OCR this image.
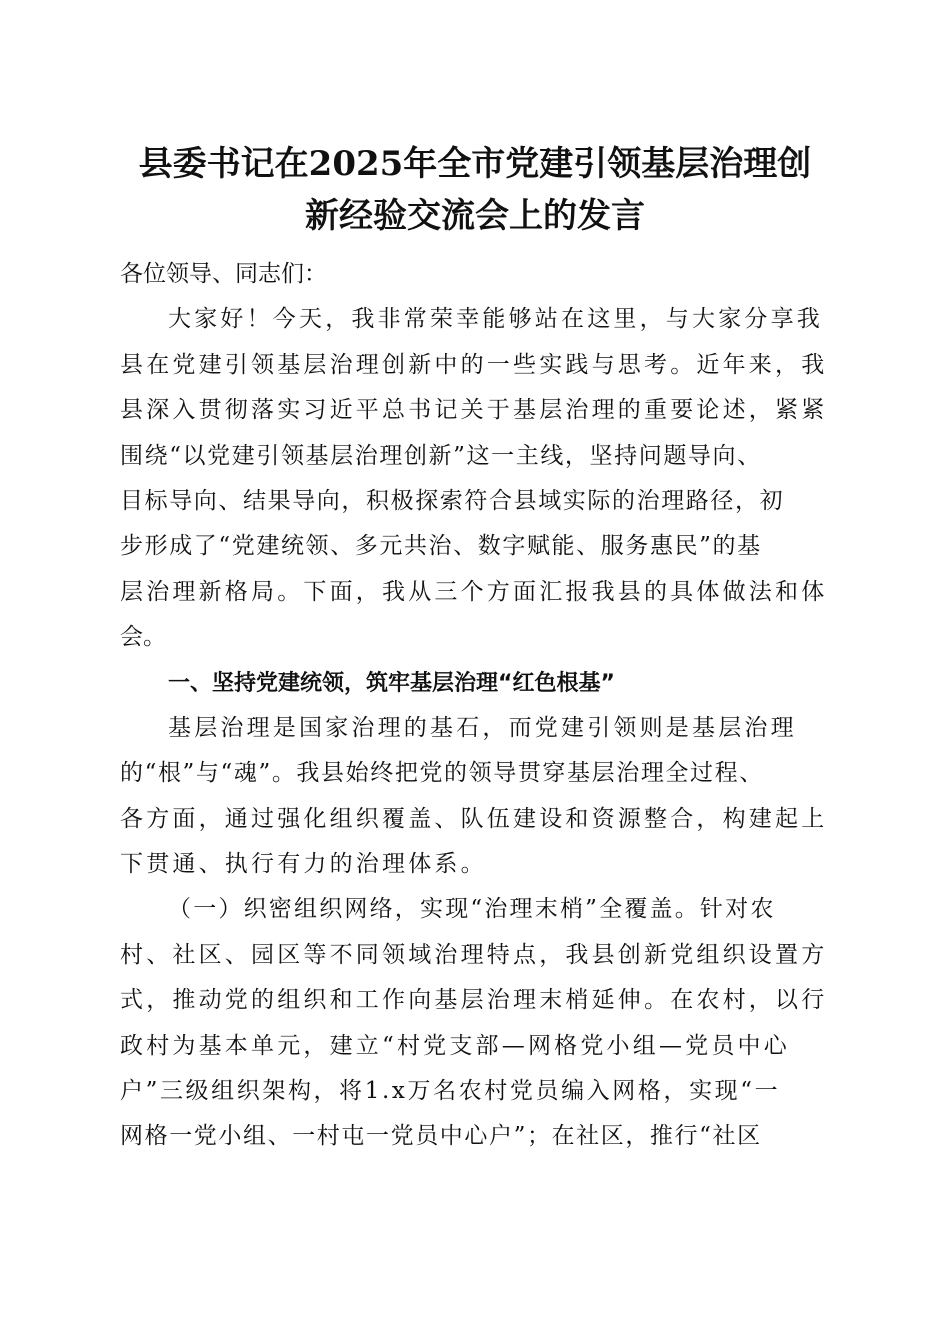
县委书记在2025年全市党建引领基层治理创
新经验交流会上的发言
各位领导、同志们：
大家好！今天，我非常荣幸能够站在这里，与大家分享我
县在党建引领基层治理创新中的一些实践与思考。近年来，我
县深入贯彻落实习近平总书记关于基层治理的重要论述，紧紧
围绕“以党建引领基层治理创新”这一主线，坚持问题导向、
目标导向、结果导向，积极探索符合县域实际的治理路径，初
步形成了“党建统领、多元共治、数字赋能、服务惠民”的基
层治理新格局。下面，我从三个方面汇报我县的具体做法和体
会。
一、坚持党建统领，筑牢基层治理“红色根基”
基层治理是国家治理的基石，而党建引领则是基层治理
的“根”与“魂”。我县始终把党的领导贯穿基层治理全过程、
各方面，通过强化组织覆盖、队伍建设和资源整合，构建起上
下贯通、执行有力的治理体系。
（一）织密组织网络，实现“治理末梢”全覆盖。针对农
村、社区、园区等不同领域治理特点，我县创新党组织设置方
式，推动党的组织和工作向基层治理末梢延伸。在农村，以行
政村为基本单元，建立“村党支部—网格党小组—党员中心
户”三级组织架构，将1.x万名农村党员编入网格，实现“一
网格一党小组、一村屯一党员中心户”；在社区，推行“社区
